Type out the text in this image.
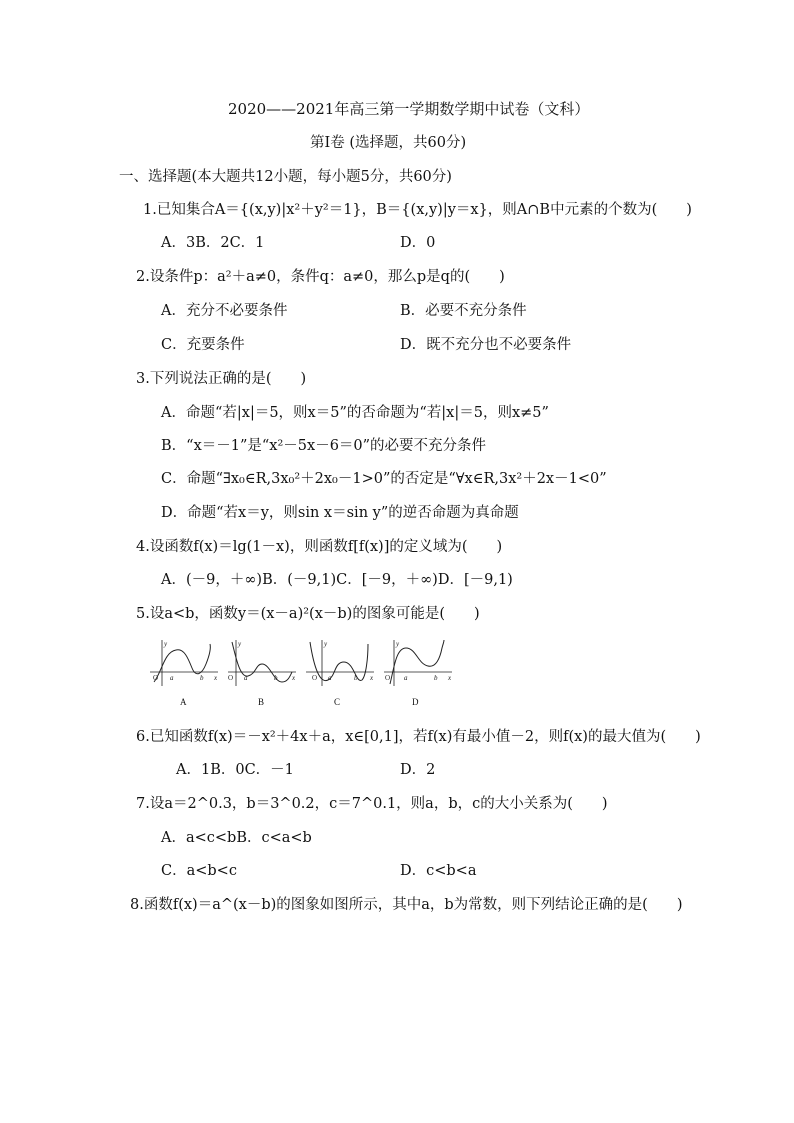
2020——2021年高三第一学期数学期中试卷（文科）
第Ⅰ卷 (选择题，共60分)
一、选择题(本大题共12小题，每小题5分，共60分)
1.已知集合A＝{(x,y)|x²＋y²＝1}，B＝{(x,y)|y＝x}，则A∩B中元素的个数为(　　)
A．3B．2C．1	D．0
2.设条件p：a²＋a≠0，条件q：a≠0，那么p是q的(　　)
A．充分不必要条件	B．必要不充分条件
C．充要条件	D．既不充分也不必要条件
3.下列说法正确的是(　　)
A．命题“若|x|＝5，则x＝5”的否命题为“若|x|＝5，则x≠5”
B．“x＝－1”是“x²－5x－6＝0”的必要不充分条件
C．命题“∃x₀∈R,3x₀²＋2x₀－1>0”的否定是“∀x∈R,3x²＋2x－1<0”
D．命题“若x＝y，则sin x＝sin y”的逆否命题为真命题
4.设函数f(x)＝lg(1－x)，则函数f[f(x)]的定义域为(　　)
A．(－9，＋∞)B．(－9,1)C．[－9，＋∞)D．[－9,1)
5.设a<b，函数y＝(x－a)²(x－b)的图象可能是(　　)
y
x
O a	b
y
x
O a	b
y
x
O a	b
y
x
O a	b
A	B	C	D
6.已知函数f(x)＝－x²＋4x＋a，x∈[0,1]，若f(x)有最小值－2，则f(x)的最大值为(　　)
A．1B．0C．－1	D．2
7.设a＝2^0.3，b＝3^0.2，c＝7^0.1，则a，b，c的大小关系为(　　)
A．a<c<bB．c<a<b
C．a<b<c	D．c<b<a
8.函数f(x)＝a^(x－b)的图象如图所示，其中a，b为常数，则下列结论正确的是(　　)
